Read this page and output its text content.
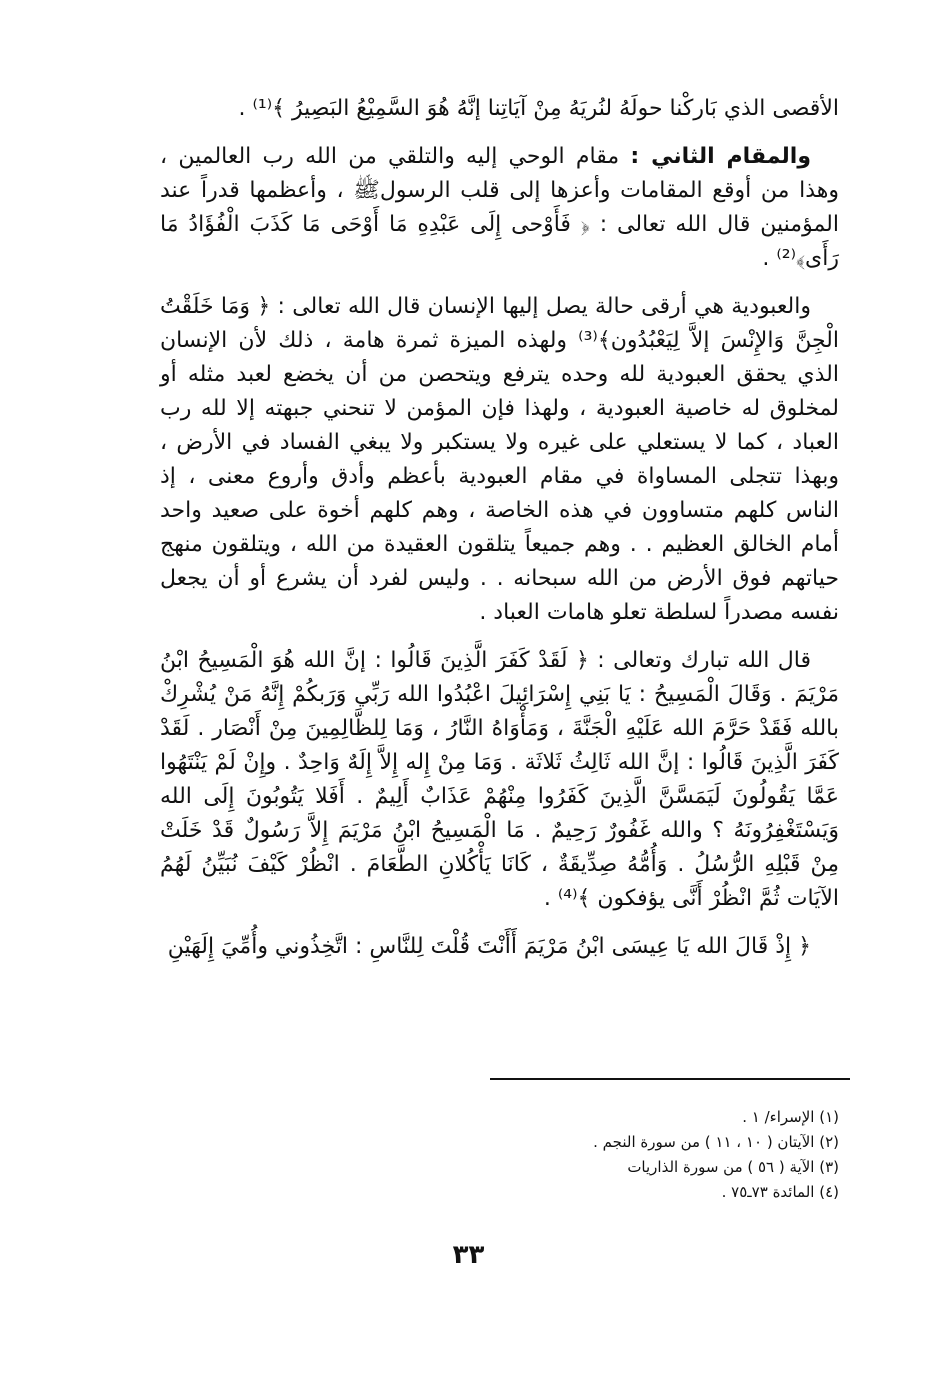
الأقصى الذي بَاركْنا حولَهُ لنُريَهُ مِنْ آيَاتِنا إنَّهُ هُوَ السَّمِيْعُ البَصِيرُ ﴾⁽¹⁾ .

والمقام الثاني : مقام الوحي إليه والتلقي من الله رب العالمين ، وهذا من أوقع المقامات وأعزها إلى قلب الرسولﷺ ، وأعظمها قدراً عند المؤمنين قال الله تعالى : ﴿ فَأَوْحى إِلَى عَبْدِهِ مَا أَوْحَى مَا كَذَبَ الْفُؤَادُ مَا رَأَى﴾⁽²⁾ .

والعبودية هي أرقى حالة يصل إليها الإنسان قال الله تعالى : ﴿ وَمَا خَلَقْتُ الْجِنَّ وَالإِنْسَ إلاَّ لِيَعْبُدُون﴾⁽³⁾ ولهذه الميزة ثمرة هامة ، ذلك لأن الإنسان الذي يحقق العبودية لله وحده يترفع ويتحصن من أن يخضع لعبد مثله أو لمخلوق له خاصية العبودية ، ولهذا فإن المؤمن لا تنحني جبهته إلا لله رب العباد ، كما لا يستعلي على غيره ولا يستكبر ولا يبغي الفساد في الأرض ، وبهذا تتجلى المساواة في مقام العبودية بأعظم وأدق وأروع معنى ، إذ الناس كلهم متساوون في هذه الخاصة ، وهم كلهم أخوة على صعيد واحد أمام الخالق العظيم . . وهم جميعاً يتلقون العقيدة من الله ، ويتلقون منهج حياتهم فوق الأرض من الله سبحانه . . وليس لفرد أن يشرع أو أن يجعل نفسه مصدراً لسلطة تعلو هامات العباد .

قال الله تبارك وتعالى : ﴿ لَقَدْ كَفَرَ الَّذِينَ قَالُوا : إنَّ الله هُوَ الْمَسِيحُ ابْنُ مَرْيَمَ . وَقَالَ الْمَسِيحُ : يَا بَنِي إِسْرَائِيلَ اعْبُدُوا الله رَبِّي وَرَبكُمْ إِنَّهُ مَنْ يُشْرِكْ بالله فَقَدْ حَرَّمَ الله عَلَيْهِ الْجَنَّةَ ، وَمَأْوَاهُ النَّارُ ، وَمَا لِلظَّالِمِينَ مِنْ أَنْصَار . لَقَدْ كَفَرَ الَّذِينَ قَالُوا : إنَّ الله ثَالِثُ ثَلاثَة . وَمَا مِنْ إِله إِلاَّ إِلَهٌ وَاحِدٌ . وإِنْ لَمْ يَنْتَهُوا عَمَّا يَقُولُونَ لَيَمَسَّنَّ الَّذِينَ كَفَرُوا مِنْهُمْ عَذَابٌ أَلِيمٌ . أَفَلا يَتُوبُونَ إِلَى الله وَيَسْتَغْفِرُونَهُ ؟ والله غَفُورٌ رَحِيمٌ . مَا الْمَسِيحُ ابْنُ مَرْيَمَ إِلاَّ رَسُولٌ قَدْ خَلَتْ مِنْ قَبْلِهِ الرُّسُلُ . وَأُمُّهُ صِدِّيقَةٌ ، كَانَا يَأْكُلانِ الطَّعَامَ . انْظُرْ كَيْفَ نُبَيِّنُ لَهُمُ الآيَات ثُمَّ انْظُرْ أَنَّى يؤفكون ﴾⁽⁴⁾ .

﴿ إِذْ قَالَ الله يَا عِيسَى ابْنُ مَرْيَمَ أَأَنْتَ قُلْتَ لِلنَّاسِ : اتَّخِذُوني وأُمِّيَ إِلَهَيْنِ

(١) الإسراء/ ١ .

(٢) الآيتان ( ١٠ ، ١١ ) من سورة النجم .

(٣) الآية ( ٥٦ ) من سورة الذاريات

(٤) المائدة ٧٣ـ٧٥ .

٣٣
